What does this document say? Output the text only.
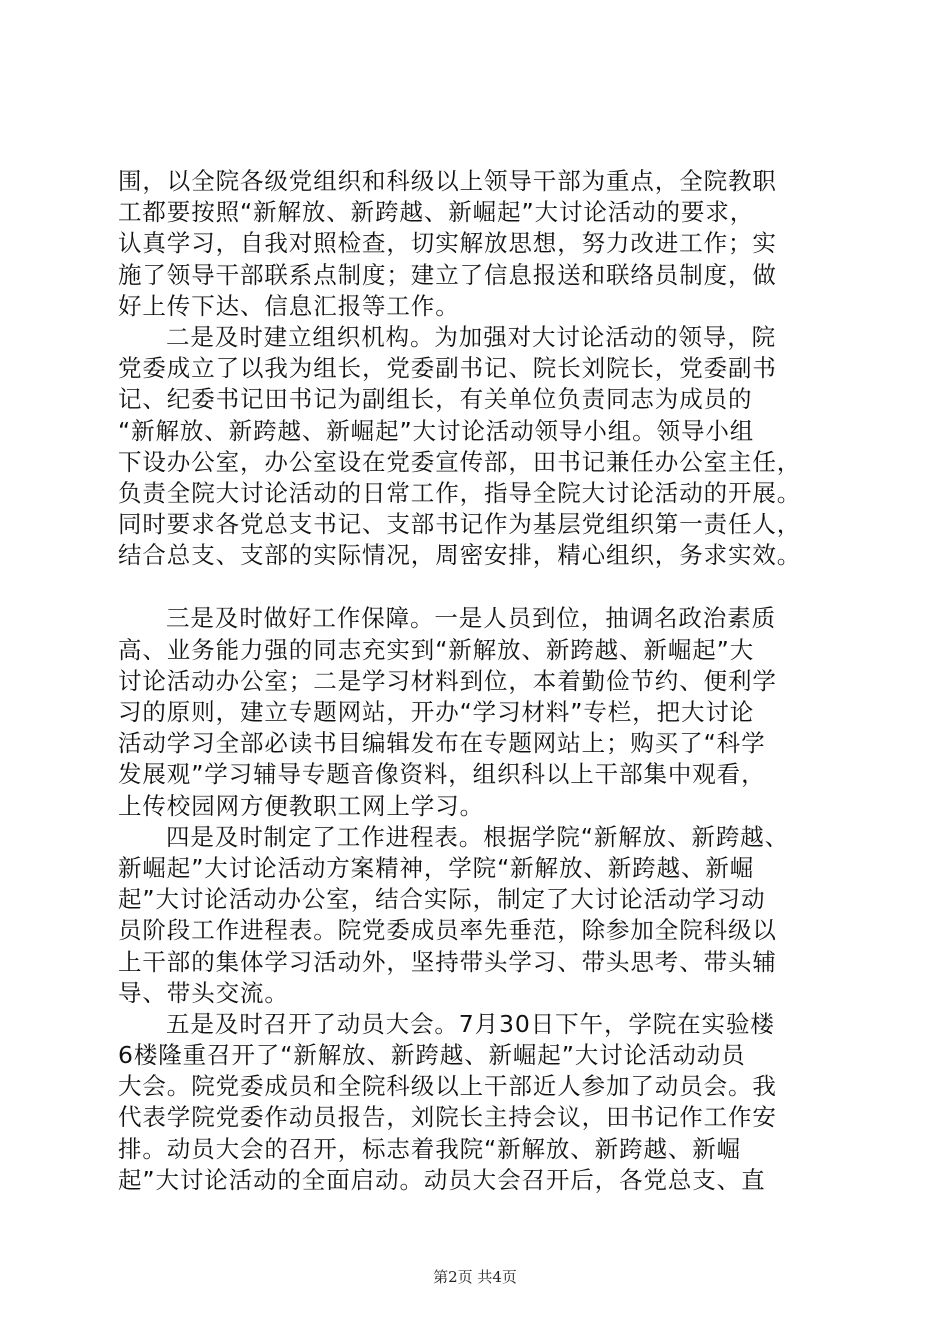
围，以全院各级党组织和科级以上领导干部为重点，全院教职
工都要按照“新解放、新跨越、新崛起”大讨论活动的要求，
认真学习，自我对照检查，切实解放思想，努力改进工作；实
施了领导干部联系点制度；建立了信息报送和联络员制度，做
好上传下达、信息汇报等工作。
二是及时建立组织机构。为加强对大讨论活动的领导，院
党委成立了以我为组长，党委副书记、院长刘院长，党委副书
记、纪委书记田书记为副组长，有关单位负责同志为成员的
“新解放、新跨越、新崛起”大讨论活动领导小组。领导小组
下设办公室，办公室设在党委宣传部，田书记兼任办公室主任，
负责全院大讨论活动的日常工作，指导全院大讨论活动的开展。
同时要求各党总支书记、支部书记作为基层党组织第一责任人，
结合总支、支部的实际情况，周密安排，精心组织，务求实效。
三是及时做好工作保障。一是人员到位，抽调名政治素质
高、业务能力强的同志充实到“新解放、新跨越、新崛起”大
讨论活动办公室；二是学习材料到位，本着勤俭节约、便利学
习的原则，建立专题网站，开办“学习材料”专栏，把大讨论
活动学习全部必读书目编辑发布在专题网站上；购买了“科学
发展观”学习辅导专题音像资料，组织科以上干部集中观看，
上传校园网方便教职工网上学习。
四是及时制定了工作进程表。根据学院“新解放、新跨越、
新崛起”大讨论活动方案精神，学院“新解放、新跨越、新崛
起”大讨论活动办公室，结合实际，制定了大讨论活动学习动
员阶段工作进程表。院党委成员率先垂范，除参加全院科级以
上干部的集体学习活动外，坚持带头学习、带头思考、带头辅
导、带头交流。
五是及时召开了动员大会。7月30日下午，学院在实验楼
6楼隆重召开了“新解放、新跨越、新崛起”大讨论活动动员
大会。院党委成员和全院科级以上干部近人参加了动员会。我
代表学院党委作动员报告，刘院长主持会议，田书记作工作安
排。动员大会的召开，标志着我院“新解放、新跨越、新崛
起”大讨论活动的全面启动。动员大会召开后，各党总支、直
第2页 共4页
